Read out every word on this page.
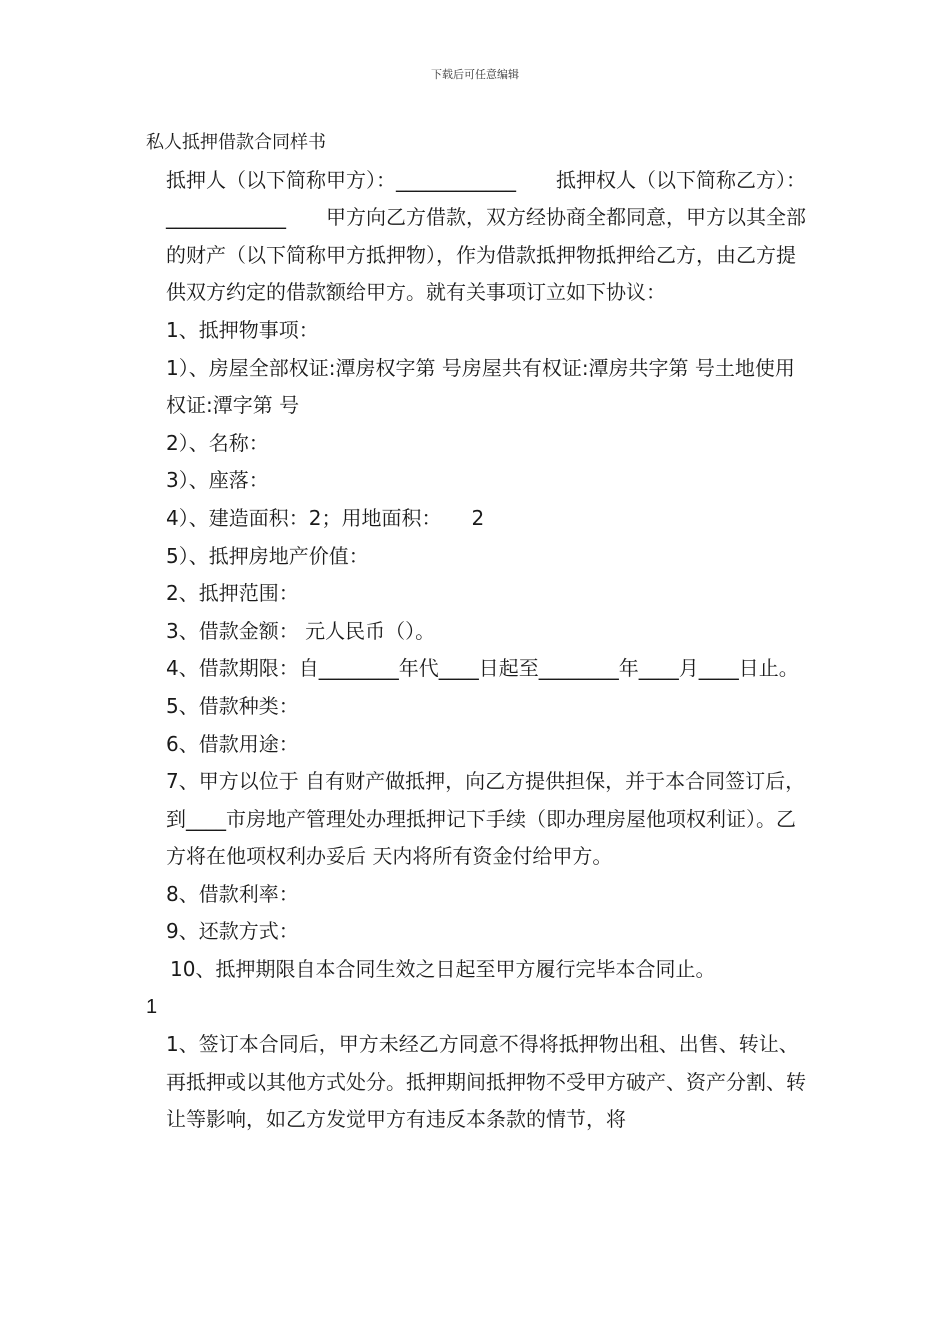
下载后可任意编辑

私人抵押借款合同样书

抵押人（以下简称甲方）：____________　　抵押权人（以下简称乙方）：____________　　甲方向乙方借款，双方经协商全都同意，甲方以其全部的财产（以下简称甲方抵押物），作为借款抵押物抵押给乙方，由乙方提供双方约定的借款额给甲方。就有关事项订立如下协议：

1、抵押物事项：

1）、房屋全部权证:潭房权字第 号房屋共有权证:潭房共字第 号土地使用权证:潭字第 号

2）、名称：

3）、座落：

4）、建造面积：2；用地面积：　　2

5）、抵押房地产价值：

2、抵押范围：

3、借款金额： 元人民币（）。

4、借款期限：自________年代____日起至________年____月____日止。

5、借款种类：

6、借款用途：

7、甲方以位于 自有财产做抵押，向乙方提供担保，并于本合同签订后，到____市房地产管理处办理抵押记下手续（即办理房屋他项权利证）。乙方将在他项权利办妥后 天内将所有资金付给甲方。

8、借款利率：

9、还款方式：

10、抵押期限自本合同生效之日起至甲方履行完毕本合同止。

1

1、签订本合同后，甲方未经乙方同意不得将抵押物出租、出售、转让、再抵押或以其他方式处分。抵押期间抵押物不受甲方破产、资产分割、转让等影响，如乙方发觉甲方有违反本条款的情节，将
